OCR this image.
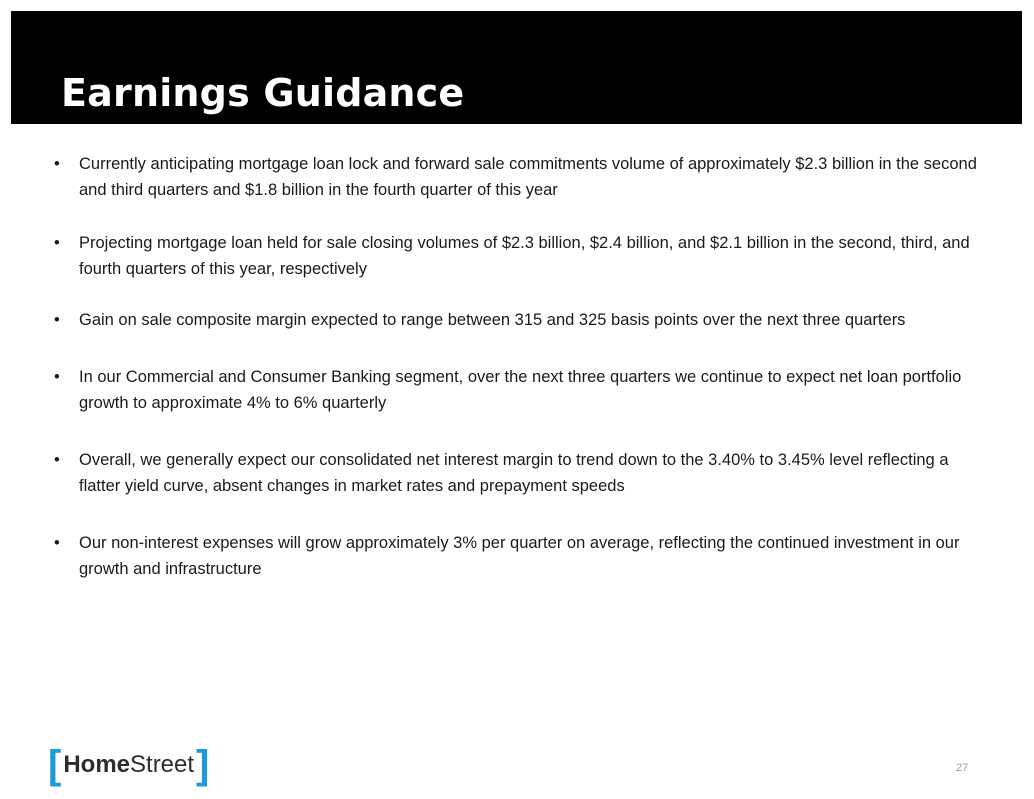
Earnings Guidance
• Currently anticipating mortgage loan lock and forward sale commitments volume of approximately $2.3 billion in the second and third quarters and $1.8 billion in the fourth quarter of this year
• Projecting mortgage loan held for sale closing volumes of $2.3 billion, $2.4 billion, and $2.1 billion in the second, third, and fourth quarters of this year, respectively
• Gain on sale composite margin expected to range between 315 and 325 basis points over the next three quarters
• In our Commercial and Consumer Banking segment, over the next three quarters we continue to expect net loan portfolio growth to approximate 4% to 6% quarterly
• Overall, we generally expect our consolidated net interest margin to trend down to the 3.40% to 3.45% level reflecting a flatter yield curve, absent changes in market rates and prepayment speeds
• Our non-interest expenses will grow approximately 3% per quarter on average, reflecting the continued investment in our growth and infrastructure
[ HomeStreet ]	27
